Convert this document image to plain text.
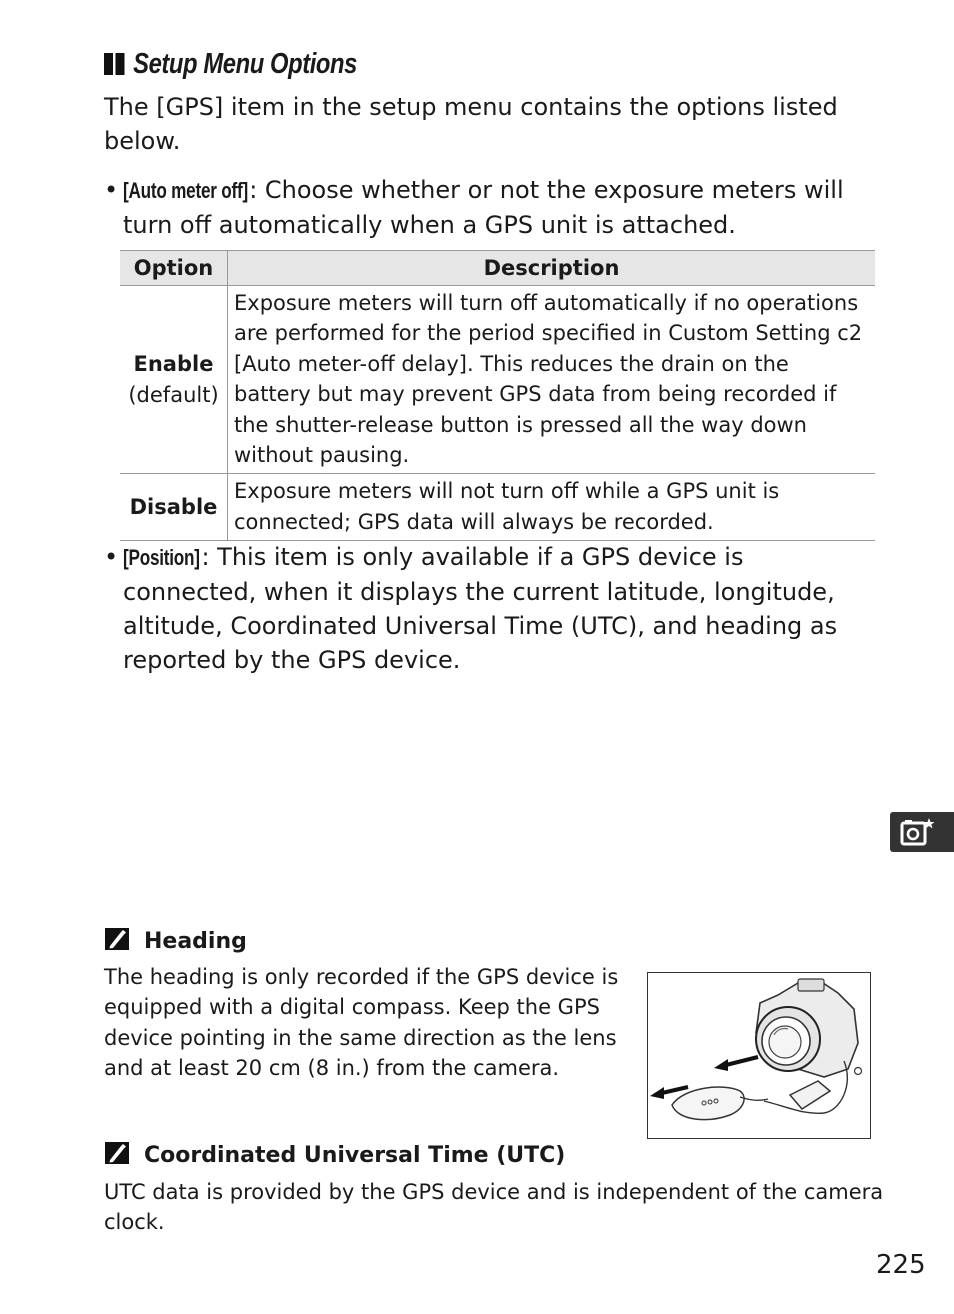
Setup Menu Options

The [GPS] item in the setup menu contains the options listed below.

• [Auto meter off]: Choose whether or not the exposure meters will turn off automatically when a GPS unit is attached.
Option	Description

Enable
(default)	Exposure meters will turn off automatically if no operations are performed for the period specified in Custom Setting c2 [Auto meter-off delay]. This reduces the drain on the battery but may prevent GPS data from being recorded if the shutter-release button is pressed all the way down without pausing.

Disable	Exposure meters will not turn off while a GPS unit is connected; GPS data will always be recorded.
• [Position]: This item is only available if a GPS device is connected, when it displays the current latitude, longitude, altitude, Coordinated Universal Time (UTC), and heading as reported by the GPS device.

Heading

The heading is only recorded if the GPS device is equipped with a digital compass. Keep the GPS device pointing in the same direction as the lens and at least 20 cm (8 in.) from the camera.

Coordinated Universal Time (UTC)

UTC data is provided by the GPS device and is independent of the camera clock.

225
